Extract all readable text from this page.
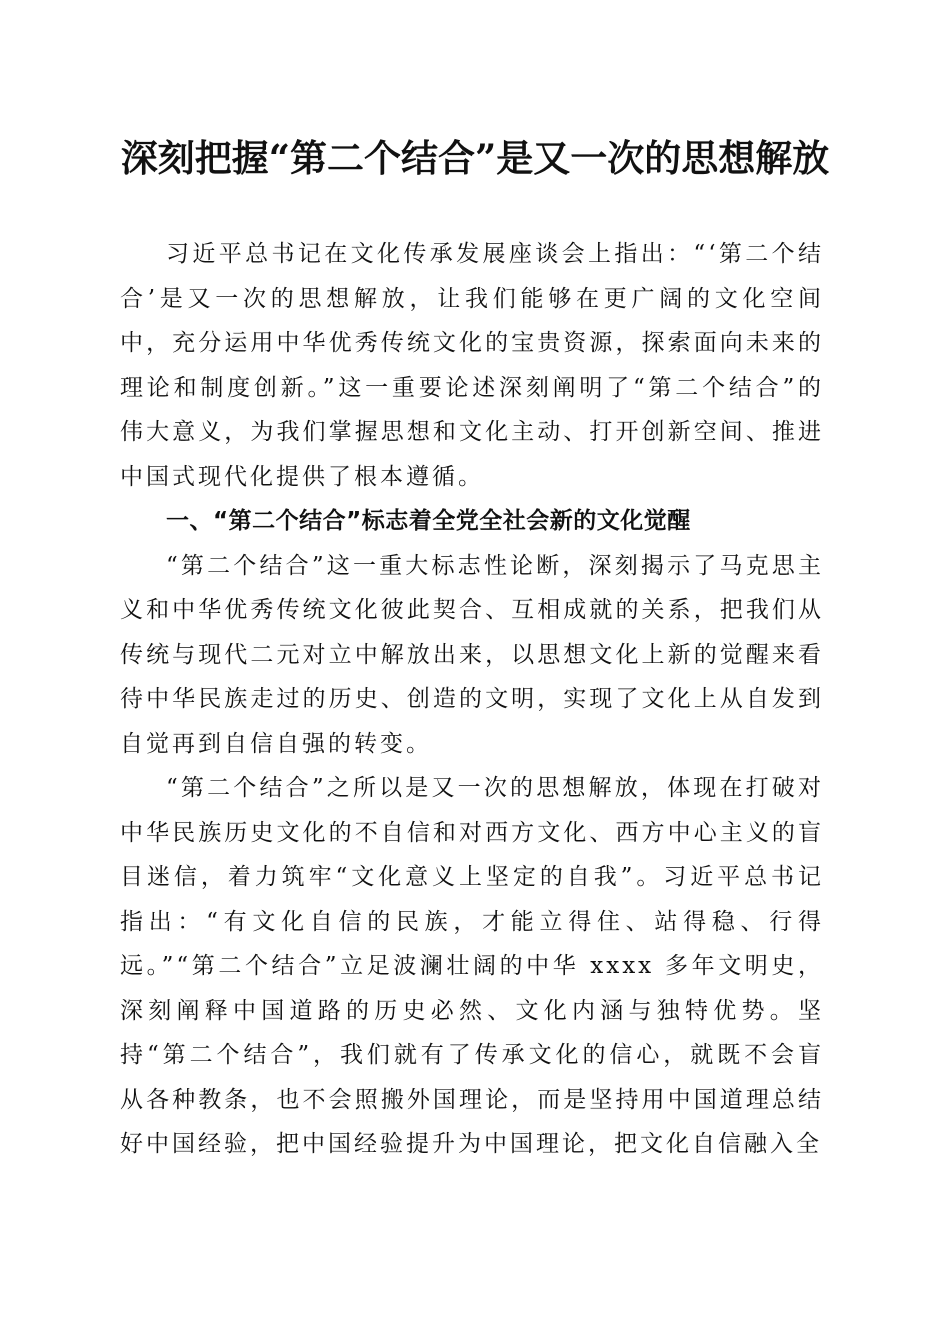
深刻把握“第二个结合”是又一次的思想解放

习近平总书记在文化传承发展座谈会上指出：“‘第二个结合’是又一次的思想解放，让我们能够在更广阔的文化空间中，充分运用中华优秀传统文化的宝贵资源，探索面向未来的理论和制度创新。”这一重要论述深刻阐明了“第二个结合”的伟大意义，为我们掌握思想和文化主动、打开创新空间、推进中国式现代化提供了根本遵循。

一、“第二个结合”标志着全党全社会新的文化觉醒

“第二个结合”这一重大标志性论断，深刻揭示了马克思主义和中华优秀传统文化彼此契合、互相成就的关系，把我们从传统与现代二元对立中解放出来，以思想文化上新的觉醒来看待中华民族走过的历史、创造的文明，实现了文化上从自发到自觉再到自信自强的转变。

“第二个结合”之所以是又一次的思想解放，体现在打破对中华民族历史文化的不自信和对西方文化、西方中心主义的盲目迷信，着力筑牢“文化意义上坚定的自我”。习近平总书记指出：“有文化自信的民族，才能立得住、站得稳、行得远。”“第二个结合”立足波澜壮阔的中华 xxxx 多年文明史，深刻阐释中国道路的历史必然、文化内涵与独特优势。坚持“第二个结合”，我们就有了传承文化的信心，就既不会盲从各种教条，也不会照搬外国理论，而是坚持用中国道理总结好中国经验，把中国经验提升为中国理论，把文化自信融入全
